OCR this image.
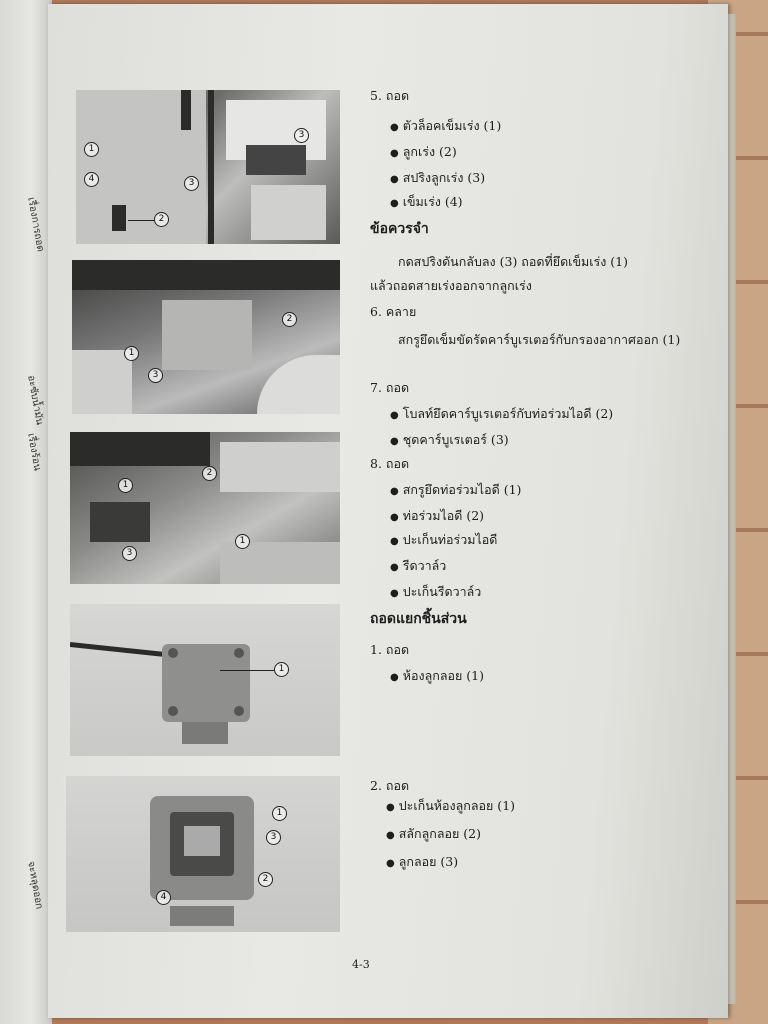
เรื่องการถอด
อะซับน้ำมัน
เรื่องร้อน
จะหลุดออก
1
4	3
2
3
1
3
2
2
1
3
1
1
1
3
2
4
5. ถอด
● ตัวล็อคเข็มเร่ง (1)
● ลูกเร่ง (2)
● สปริงลูกเร่ง (3)
● เข็มเร่ง (4)
ข้อควรจำ
กดสปริงดันกลับลง (3) ถอดที่ยึดเข็มเร่ง (1)
แล้วถอดสายเร่งออกจากลูกเร่ง
6. คลาย
สกรูยึดเข็มขัดรัดคาร์บูเรเตอร์กับกรองอากาศออก (1)
7. ถอด
● โบลท์ยึดคาร์บูเรเตอร์กับท่อร่วมไอดี (2)
● ชุดคาร์บูเรเตอร์ (3)
8. ถอด
● สกรูยึดท่อร่วมไอดี (1)
● ท่อร่วมไอดี (2)
● ปะเก็นท่อร่วมไอดี
● รีดวาล์ว
● ปะเก็นรีดวาล์ว
ถอดแยกชิ้นส่วน
1. ถอด
● ห้องลูกลอย (1)
2. ถอด
● ปะเก็นห้องลูกลอย (1)
● สลักลูกลอย (2)
● ลูกลอย (3)
4-3
